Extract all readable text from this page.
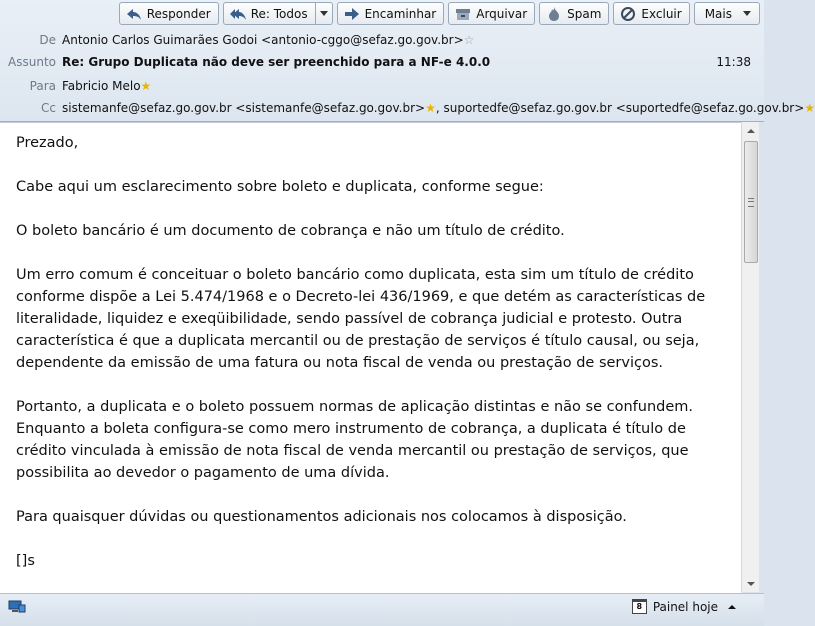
Responder	Re: Todos	Encaminhar	Arquivar	Spam	Excluir Mais
De Antonio Carlos Guimarães Godoi <antonio-cggo@sefaz.go.gov.br>☆
Assunto Re: Grupo Duplicata não deve ser preenchido para a NF-e 4.0.0	11:38
Para Fabricio Melo★
Cc sistemanfe@sefaz.go.gov.br <sistemanfe@sefaz.go.gov.br>★, suportedfe@sefaz.go.gov.br <suportedfe@sefaz.go.gov.br>★

Prezado,

Cabe aqui um esclarecimento sobre boleto e duplicata, conforme segue:

O boleto bancário é um documento de cobrança e não um título de crédito.

Um erro comum é conceituar o boleto bancário como duplicata, esta sim um título de crédito conforme dispõe a Lei 5.474/1968 e o Decreto-lei 436/1969, e que detém as características de literalidade, liquidez e exeqüibilidade, sendo passível de cobrança judicial e protesto. Outra característica é que a duplicata mercantil ou de prestação de serviços é título causal, ou seja, dependente da emissão de uma fatura ou nota fiscal de venda ou prestação de serviços.

Portanto, a duplicata e o boleto possuem normas de aplicação distintas e não se confundem. Enquanto a boleta configura-se como mero instrumento de cobrança, a duplicata é título de crédito vinculada à emissão de nota fiscal de venda mercantil ou prestação de serviços, que possibilita ao devedor o pagamento de uma dívida.

Para quaisquer dúvidas ou questionamentos adicionais nos colocamos à disposição.

[]s

8 Painel hoje
